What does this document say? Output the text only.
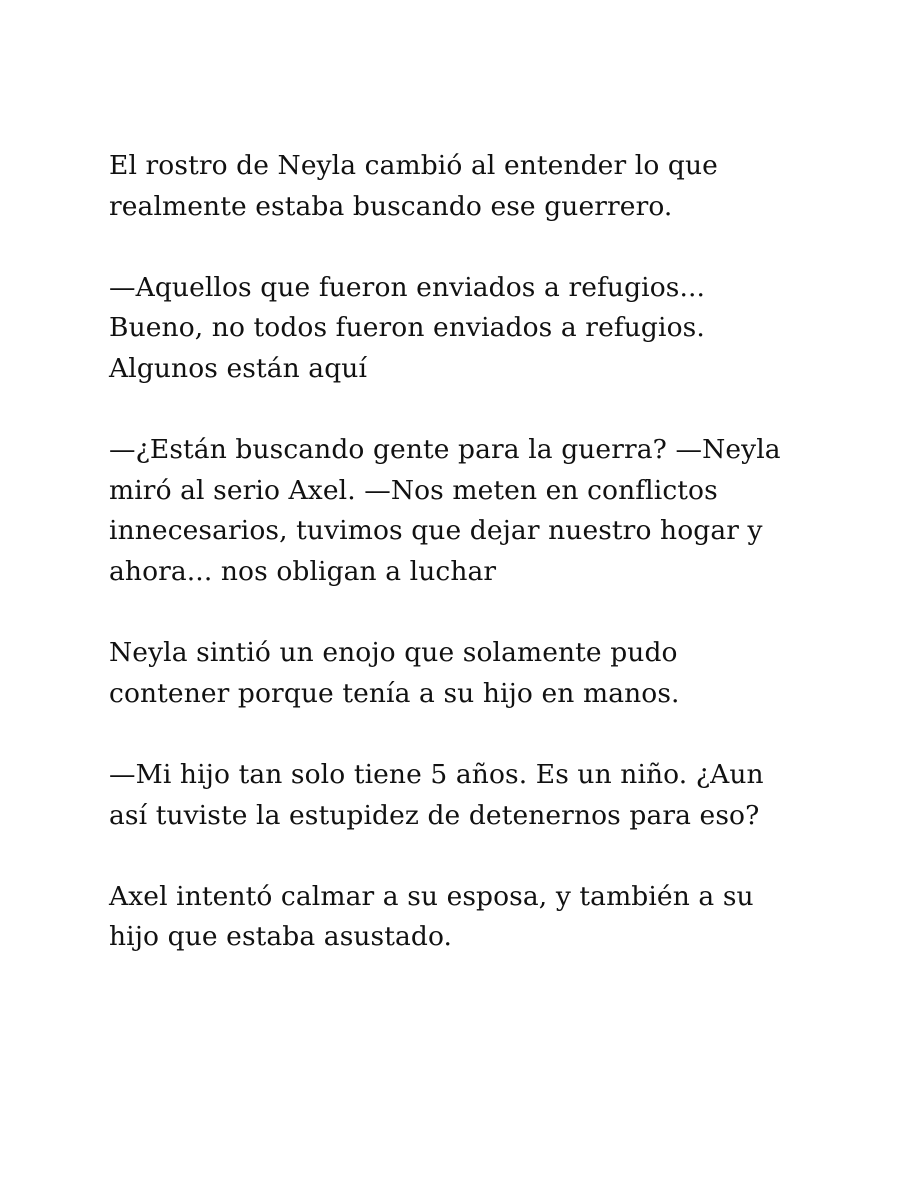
El rostro de Neyla cambió al entender lo que
realmente estaba buscando ese guerrero.

—Aquellos que fueron enviados a refugios...
Bueno, no todos fueron enviados a refugios.
Algunos están aquí

—¿Están buscando gente para la guerra? —Neyla
miró al serio Axel. —Nos meten en conflictos
innecesarios, tuvimos que dejar nuestro hogar y
ahora... nos obligan a luchar

Neyla sintió un enojo que solamente pudo
contener porque tenía a su hijo en manos.

—Mi hijo tan solo tiene 5 años. Es un niño. ¿Aun
así tuviste la estupidez de detenernos para eso?

Axel intentó calmar a su esposa, y también a su
hijo que estaba asustado.
